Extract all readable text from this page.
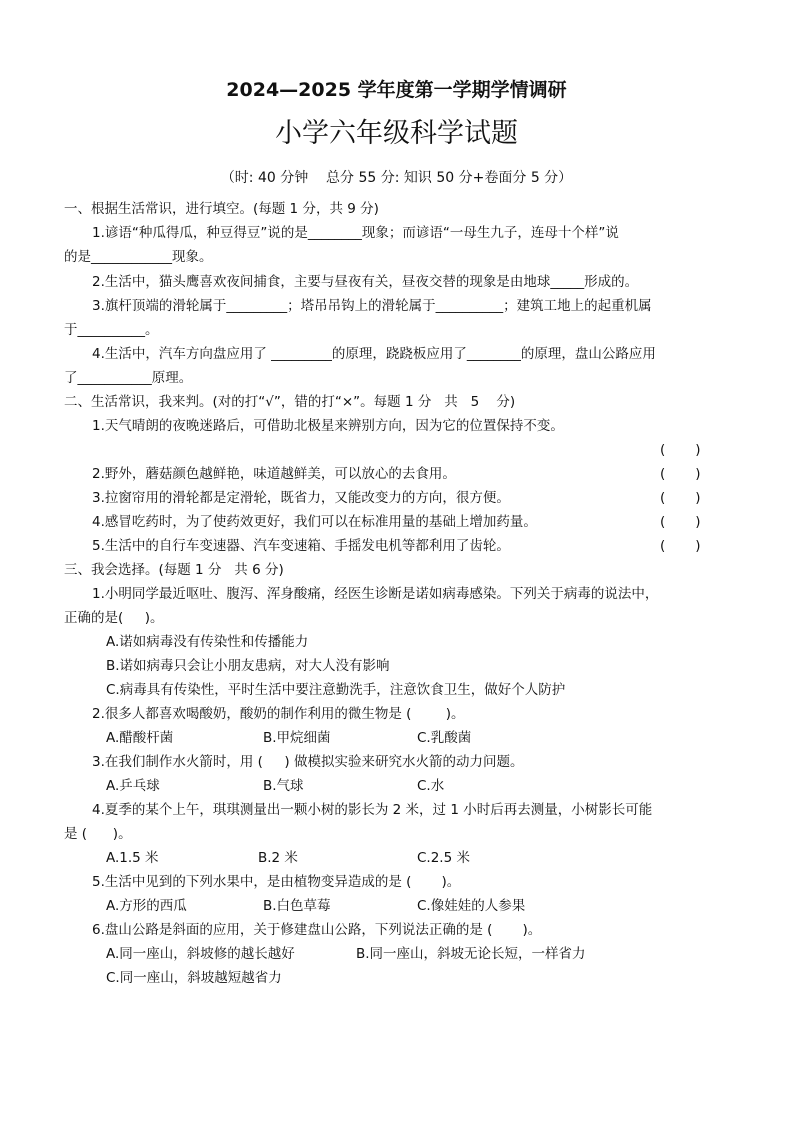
2024—2025 学年度第一学期学情调研
小学六年级科学试题
（时: 40 分钟    总分 55 分: 知识 50 分+卷面分 5 分）
一、根据生活常识，进行填空。(每题 1 分，共 9 分)
1.谚语“种瓜得瓜，种豆得豆”说的是________现象；而谚语“一母生九子，连母十个样”说
的是____________现象。
2.生活中，猫头鹰喜欢夜间捕食，主要与昼夜有关，昼夜交替的现象是由地球_____形成的。
3.旗杆顶端的滑轮属于_________；塔吊吊钩上的滑轮属于__________；建筑工地上的起重机属
于__________。
4.生活中，汽车方向盘应用了 _________的原理，跷跷板应用了________的原理，盘山公路应用
了___________原理。
二、生活常识，我来判。(对的打“√”，错的打“×”。每题 1 分   共   5    分)
1.天气晴朗的夜晚迷路后，可借助北极星来辨别方向，因为它的位置保持不变。
(       )
2.野外，蘑菇颜色越鲜艳，味道越鲜美，可以放心的去食用。	(       )
3.拉窗帘用的滑轮都是定滑轮，既省力，又能改变力的方向，很方便。	(       )
4.感冒吃药时，为了使药效更好，我们可以在标准用量的基础上增加药量。	(       )
5.生活中的自行车变速器、汽车变速箱、手摇发电机等都利用了齿轮。	(       )
三、我会选择。(每题 1 分   共 6 分)
1.小明同学最近呕吐、腹泻、浑身酸痛，经医生诊断是诺如病毒感染。下列关于病毒的说法中，
正确的是(     )。
A.诺如病毒没有传染性和传播能力
B.诺如病毒只会让小朋友患病，对大人没有影响
C.病毒具有传染性，平时生活中要注意勤洗手，注意饮食卫生，做好个人防护
2.很多人都喜欢喝酸奶，酸奶的制作利用的微生物是 (        )。
A.醋酸杆菌	B.甲烷细菌	C.乳酸菌
3.在我们制作水火箭时，用 (     ) 做模拟实验来研究水火箭的动力问题。
A.乒乓球	B.气球	C.水
4.夏季的某个上午，琪琪测量出一颗小树的影长为 2 米，过 1 小时后再去测量，小树影长可能
是 (      )。
A.1.5 米	B.2 米	C.2.5 米
5.生活中见到的下列水果中，是由植物变异造成的是 (       )。
A.方形的西瓜	B.白色草莓	C.像娃娃的人参果
6.盘山公路是斜面的应用，关于修建盘山公路，下列说法正确的是 (       )。
A.同一座山，斜坡修的越长越好	B.同一座山，斜坡无论长短，一样省力
C.同一座山，斜坡越短越省力
